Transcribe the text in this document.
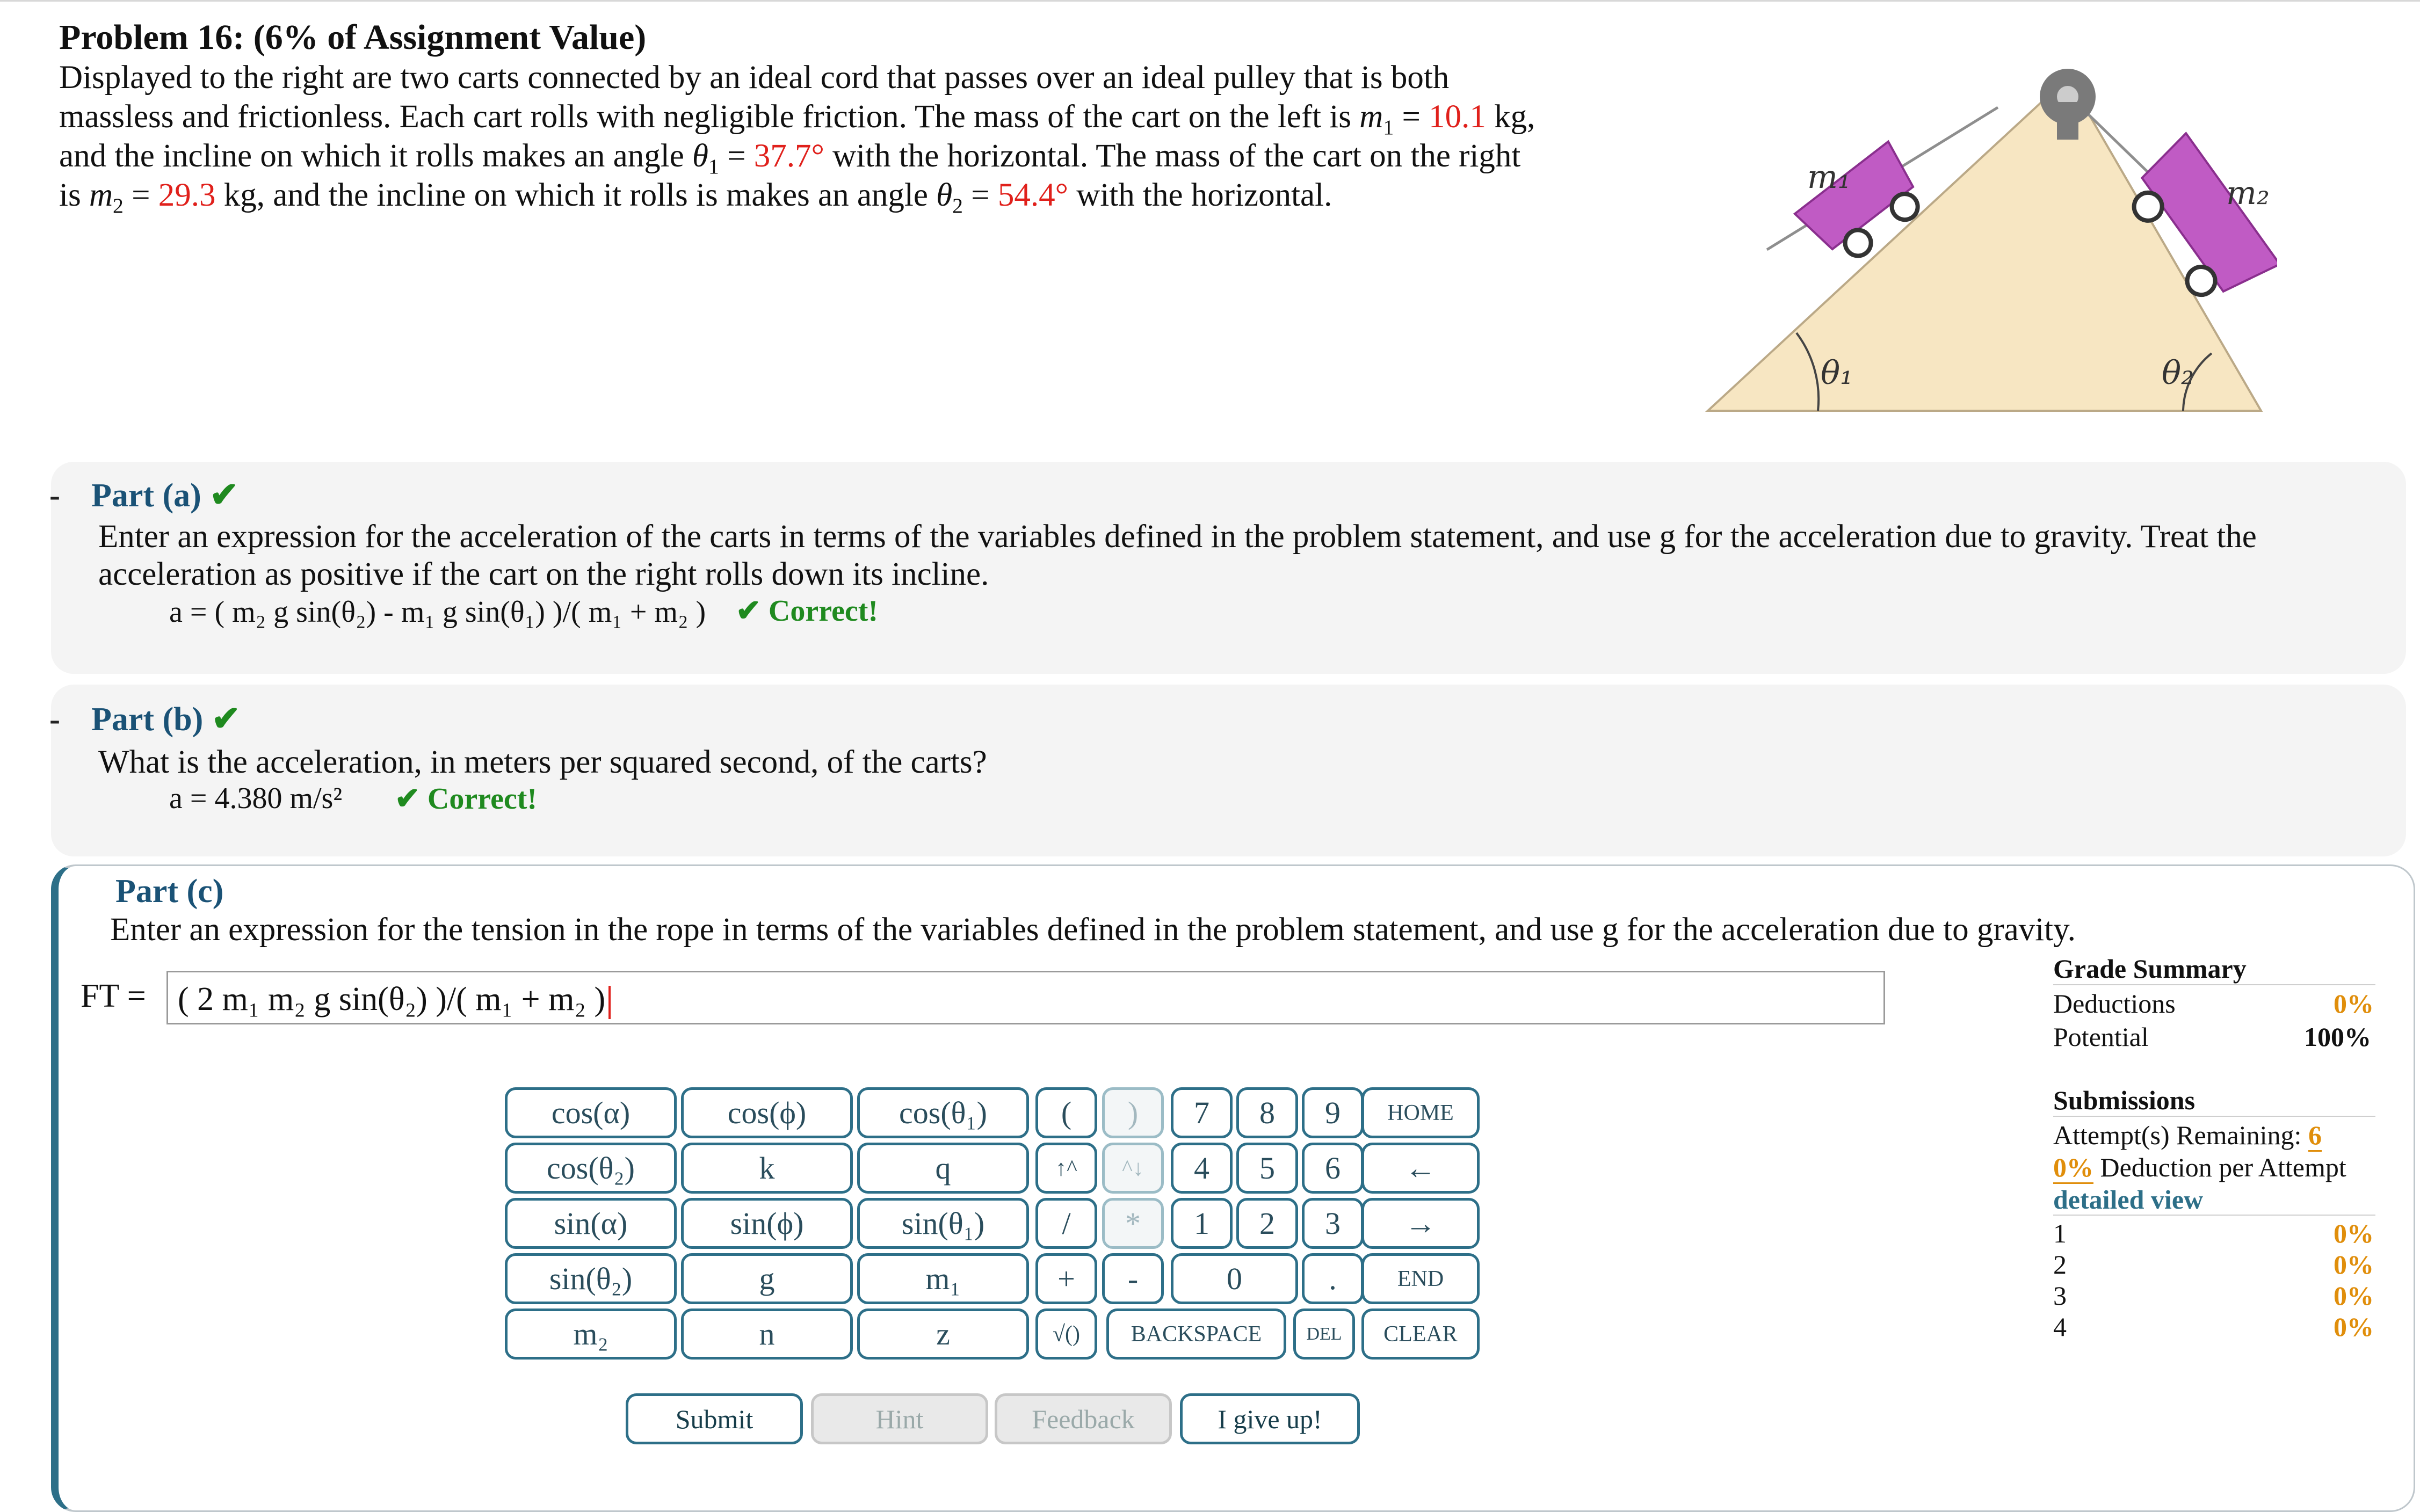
Problem 16: (6% of Assignment Value)
Displayed to the right are two carts connected by an ideal cord that passes over an ideal pulley that is both
massless and frictionless. Each cart rolls with negligible friction. The mass of the cart on the left is $m_1 = 10.1$ kg,
and the incline on which it rolls makes an angle $\theta_1 = 37.7^\circ$ with the horizontal. The mass of the cart on the right
is $m_2 = 29.3$ kg, and the incline on which it rolls is makes an angle $\theta_2 = 54.4^\circ$ with the horizontal.	m₁	m₂
θ₁	θ₂
- Part (a) ✔
Enter an expression for the acceleration of the carts in terms of the variables defined in the problem statement, and use g for the acceleration due to gravity. Treat the
acceleration as positive if the cart on the right rolls down its incline.
a = ( m₂ g sin(θ₂) - m₁ g sin(θ₁) )/( m₁ + m₂ ) ✔ Correct!
- Part (b) ✔
What is the acceleration, in meters per squared second, of the carts?
a = 4.380 m/s² ✔ Correct!
Part (c)
Enter an expression for the tension in the rope in terms of the variables defined in the problem statement, and use g for the acceleration due to gravity.
FT = ( 2 m₁ m₂ g sin(θ₂) )/( m₁ + m₂ )
cos(α)	cos(ϕ)	cos(θ₁)
cos(θ₂)	k	q
sin(α)	sin(ϕ)	sin(θ₁)
sin(θ₂)	g	m₁
m₂	n	z
(	)
↑^	^↓
/	*
+	-
√()
7	8	9
4	5	6
1	2	3
0	.
HOME
←
→
END
BACKSPACE	DEL	CLEAR
Submit	Hint	Feedback	I give up!
Grade Summary
Deductions	0%
Potential	100%
Submissions
Attempt(s) Remaining: 6
0% Deduction per Attempt
detailed view
1	0%
2	0%
3	0%
4	0%
